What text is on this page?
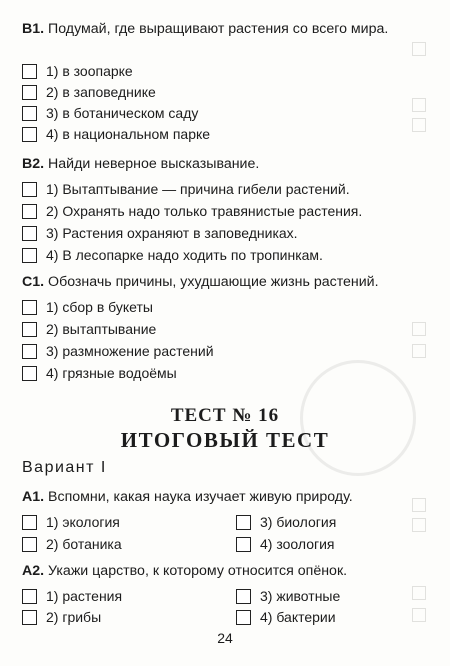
В1. Подумай, где выращивают растения со всего мира.
1) в зоопарке
2) в заповеднике
3) в ботаническом саду
4) в национальном парке
В2. Найди неверное высказывание.
1) Вытаптывание — причина гибели растений.
2) Охранять надо только травянистые растения.
3) Растения охраняют в заповедниках.
4) В лесопарке надо ходить по тропинкам.
С1. Обозначь причины, ухудшающие жизнь растений.
1) сбор в букеты
2) вытаптывание
3) размножение растений
4) грязные водоёмы
ТЕСТ № 16
ИТОГОВЫЙ ТЕСТ
Вариант I
А1. Вспомни, какая наука изучает живую природу.
1) экология
2) ботаника
3) биология
4) зоология
А2. Укажи царство, к которому относится опёнок.
1) растения
2) грибы
3) животные
4) бактерии
24
